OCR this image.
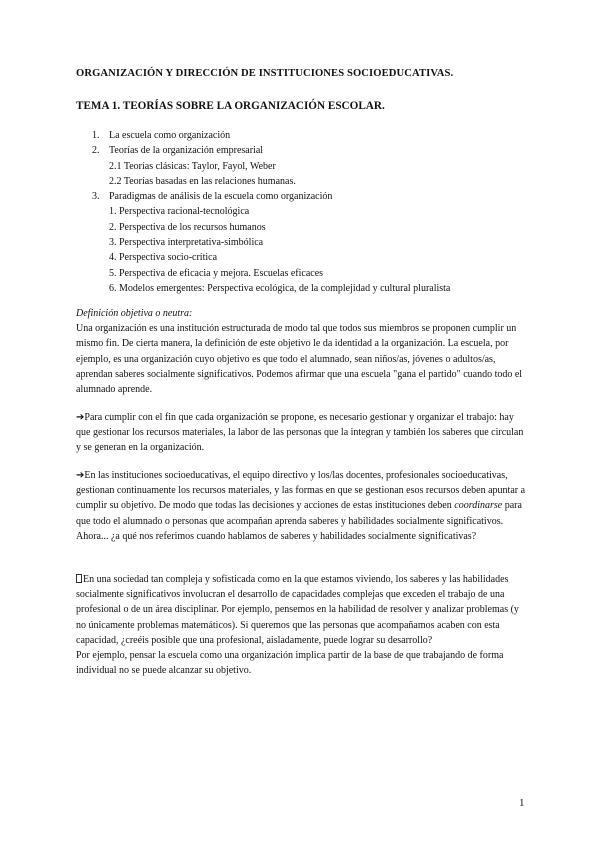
ORGANIZACIÓN Y DIRECCIÓN DE INSTITUCIONES SOCIOEDUCATIVAS.
TEMA 1. TEORÍAS SOBRE LA ORGANIZACIÓN ESCOLAR.
1. La escuela como organización
2. Teorías de la organización empresarial
2.1 Teorías clásicas: Taylor, Fayol, Weber
2.2 Teorías basadas en las relaciones humanas.
3. Paradigmas de análisis de la escuela como organización
1. Perspectiva racional-tecnológica
2. Perspectiva de los recursos humanos
3. Perspectiva interpretativa-simbólica
4. Perspectiva socio-crítica
5. Perspectiva de eficacia y mejora. Escuelas eficaces
6. Modelos emergentes: Perspectiva ecológica, de la complejidad y cultural pluralista

Definición objetiva o neutra:

Una organización es una institución estructurada de modo tal que todos sus miembros se proponen cumplir un mismo fin. De cierta manera, la definición de este objetivo le da identidad a la organización. La escuela, por ejemplo, es una organización cuyo objetivo es que todo el alumnado, sean niños/as, jóvenes o adultos/as, aprendan saberes socialmente significativos. Podemos afirmar que una escuela "gana el partido" cuando todo el alumnado aprende.

➔Para cumplir con el fin que cada organización se propone, es necesario gestionar y organizar el trabajo: hay que gestionar los recursos materiales, la labor de las personas que la integran y también los saberes que circulan y se generan en la organización.

➔En las instituciones socioeducativas, el equipo directivo y los/las docentes, profesionales socioeducativas, gestionan continuamente los recursos materiales, y las formas en que se gestionan esos recursos deben apuntar a cumplir su objetivo. De modo que todas las decisiones y acciones de estas instituciones deben coordinarse para que todo el alumnado o personas que acompañan aprenda saberes y habilidades socialmente significativos. Ahora... ¿a qué nos referimos cuando hablamos de saberes y habilidades socialmente significativas?

En una sociedad tan compleja y sofisticada como en la que estamos viviendo, los saberes y las habilidades socialmente significativos involucran el desarrollo de capacidades complejas que exceden el trabajo de una profesional o de un área disciplinar. Por ejemplo, pensemos en la habilidad de resolver y analizar problemas (y no únicamente problemas matemáticos). Si queremos que las personas que acompañamos acaben con esta capacidad, ¿creéis posible que una profesional, aisladamente, puede lograr su desarrollo?

Por ejemplo, pensar la escuela como una organización implica partir de la base de que trabajando de forma individual no se puede alcanzar su objetivo.

1
